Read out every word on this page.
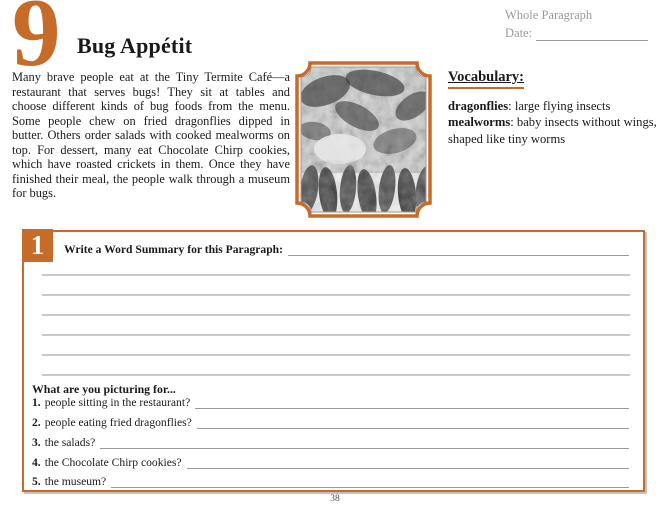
9 Bug Appétit
Whole Paragraph
Date:
Many brave people eat at the Tiny Termite Café—a restaurant that serves bugs! They sit at tables and choose different kinds of bug foods from the menu. Some people chew on fried dragonflies dipped in butter. Others order salads with cooked mealworms on top. For dessert, many eat Chocolate Chirp cookies, which have roasted crickets in them. Once they have finished their meal, the people walk through a museum for bugs.
Vocabulary:
dragonflies: large flying insects
mealworms: baby insects without wings, shaped like tiny worms
1	Write a Word Summary for this Paragraph:
What are you picturing for...
1. people sitting in the restaurant?
2. people eating fried dragonflies?
3. the salads?
4. the Chocolate Chirp cookies?
5. the museum?
38
